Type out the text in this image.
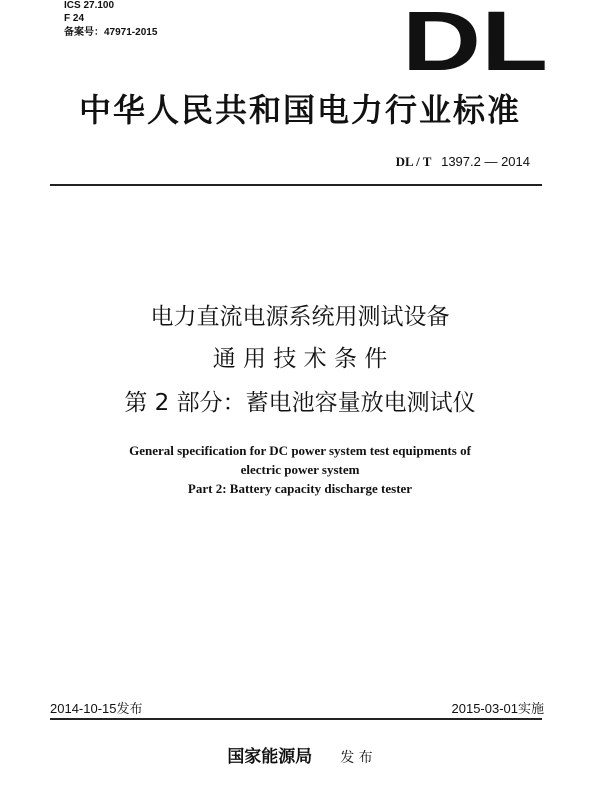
ICS 27.100
F 24
备案号：47971-2015	DL
中华人民共和国电力行业标准
DL / T 1397.2 — 2014
电力直流电源系统用测试设备
通 用 技 术 条 件
第 2 部分：蓄电池容量放电测试仪
General specification for DC power system test equipments of
electric power system
Part 2: Battery capacity discharge tester
2014-10-15发布	2015-03-01实施
国家能源局 发 布
